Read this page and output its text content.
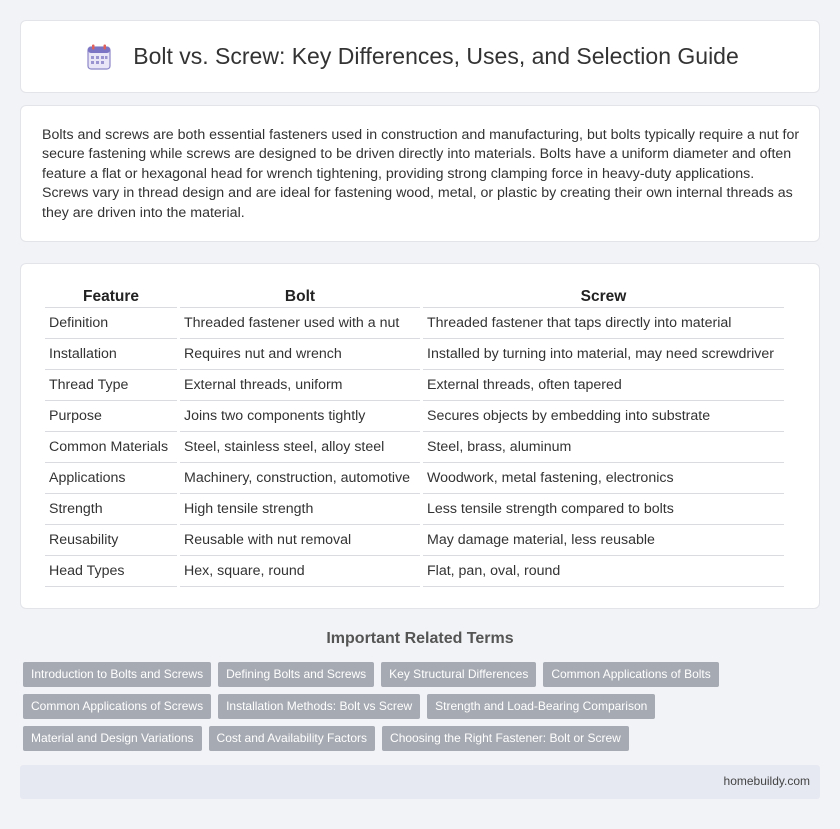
Bolt vs. Screw: Key Differences, Uses, and Selection Guide

Bolts and screws are both essential fasteners used in construction and manufacturing, but bolts typically require a nut for secure fastening while screws are designed to be driven directly into materials. Bolts have a uniform diameter and often feature a flat or hexagonal head for wrench tightening, providing strong clamping force in heavy-duty applications. Screws vary in thread design and are ideal for fastening wood, metal, or plastic by creating their own internal threads as they are driven into the material.

Feature	Bolt	Screw
Definition	Threaded fastener used with a nut	Threaded fastener that taps directly into material
Installation	Requires nut and wrench	Installed by turning into material, may need screwdriver
Thread Type	External threads, uniform	External threads, often tapered
Purpose	Joins two components tightly	Secures objects by embedding into substrate
Common Materials	Steel, stainless steel, alloy steel	Steel, brass, aluminum
Applications	Machinery, construction, automotive	Woodwork, metal fastening, electronics
Strength	High tensile strength	Less tensile strength compared to bolts
Reusability	Reusable with nut removal	May damage material, less reusable
Head Types	Hex, square, round	Flat, pan, oval, round
Important Related Terms
Introduction to Bolts and Screws	Defining Bolts and Screws	Key Structural Differences	Common Applications of Bolts
Common Applications of Screws	Installation Methods: Bolt vs Screw	Strength and Load-Bearing Comparison
Material and Design Variations	Cost and Availability Factors	Choosing the Right Fastener: Bolt or Screw
homebuildy.com
